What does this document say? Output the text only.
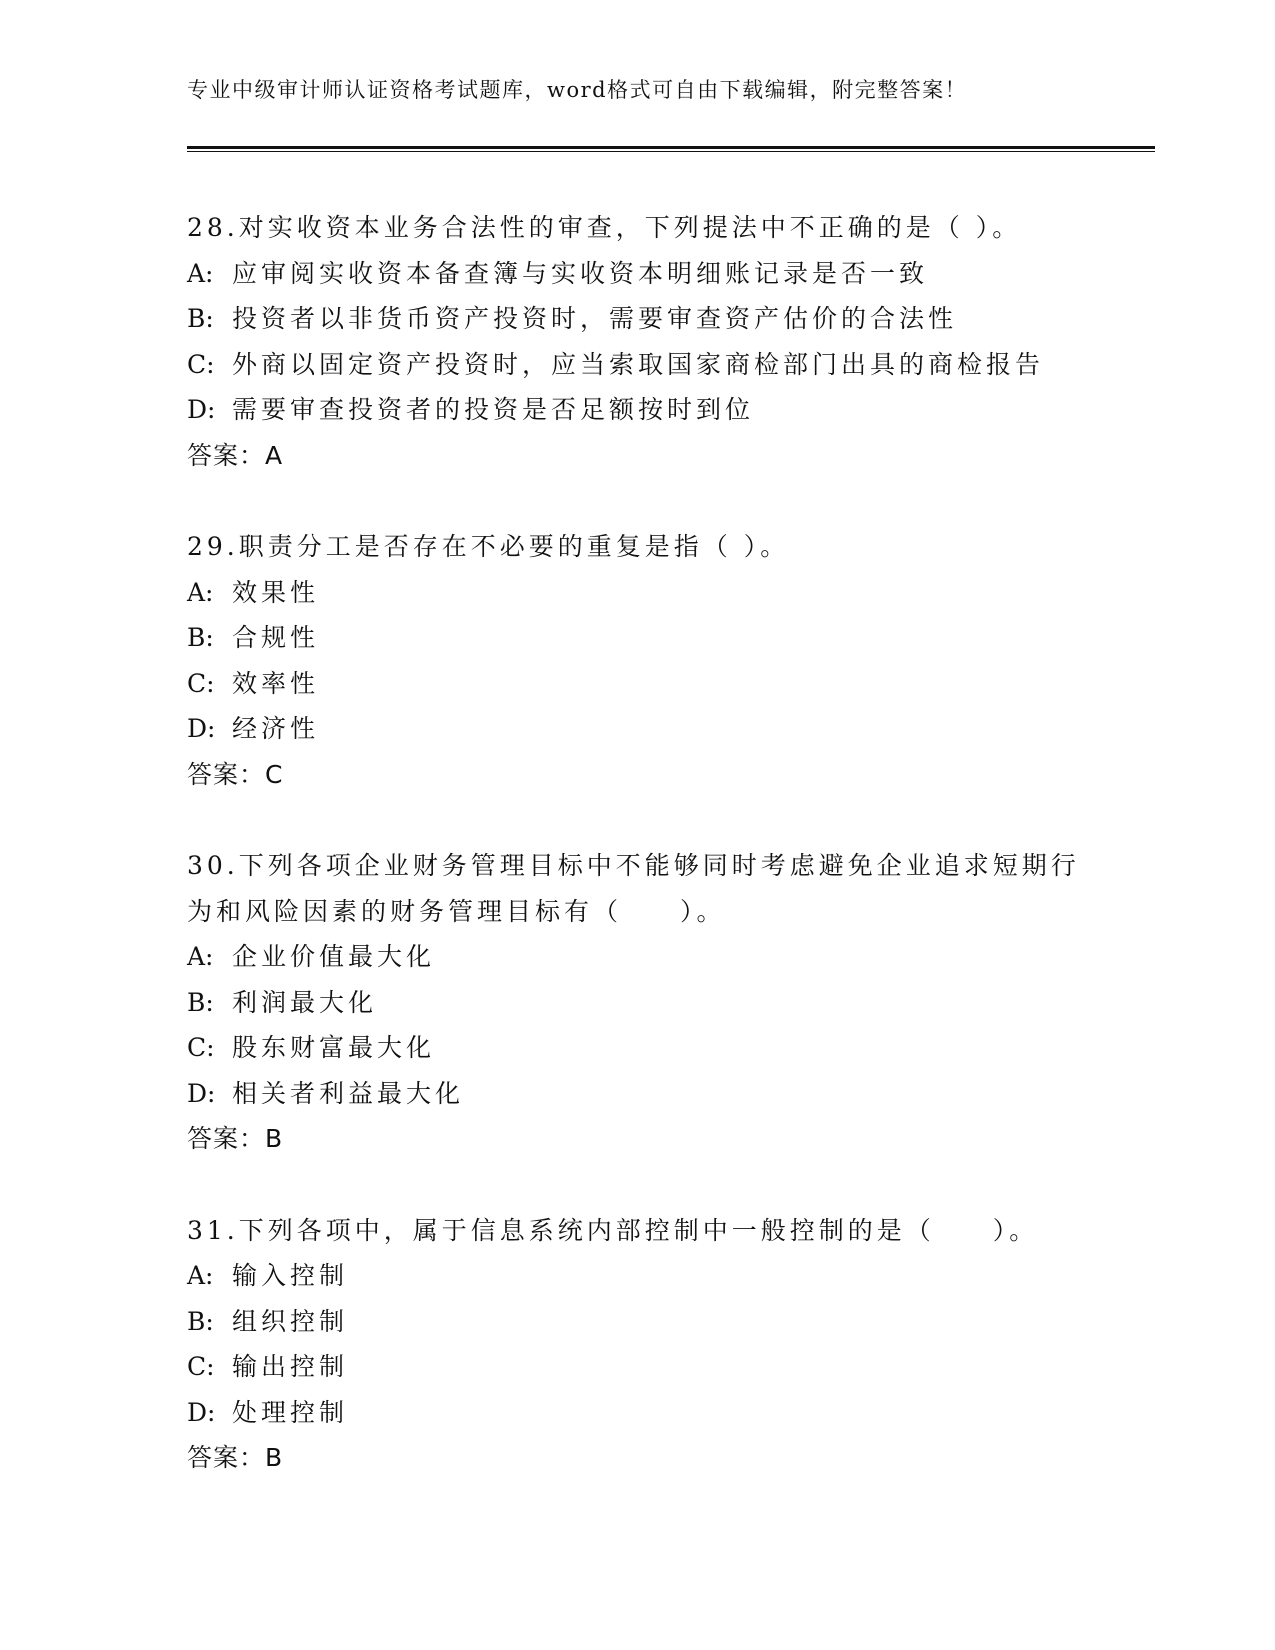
专业中级审计师认证资格考试题库，word格式可自由下载编辑，附完整答案！
28.对实收资本业务合法性的审查，下列提法中不正确的是（ ）。
A: 应审阅实收资本备查簿与实收资本明细账记录是否一致
B: 投资者以非货币资产投资时，需要审查资产估价的合法性
C: 外商以固定资产投资时，应当索取国家商检部门出具的商检报告
D: 需要审查投资者的投资是否足额按时到位
答案：A
29.职责分工是否存在不必要的重复是指（ ）。
A: 效果性
B: 合规性
C: 效率性
D: 经济性
答案：C
30.下列各项企业财务管理目标中不能够同时考虑避免企业追求短期行
为和风险因素的财务管理目标有（　　）。
A: 企业价值最大化
B: 利润最大化
C: 股东财富最大化
D: 相关者利益最大化
答案：B
31.下列各项中，属于信息系统内部控制中一般控制的是（　　）。
A: 输入控制
B: 组织控制
C: 输出控制
D: 处理控制
答案：B
